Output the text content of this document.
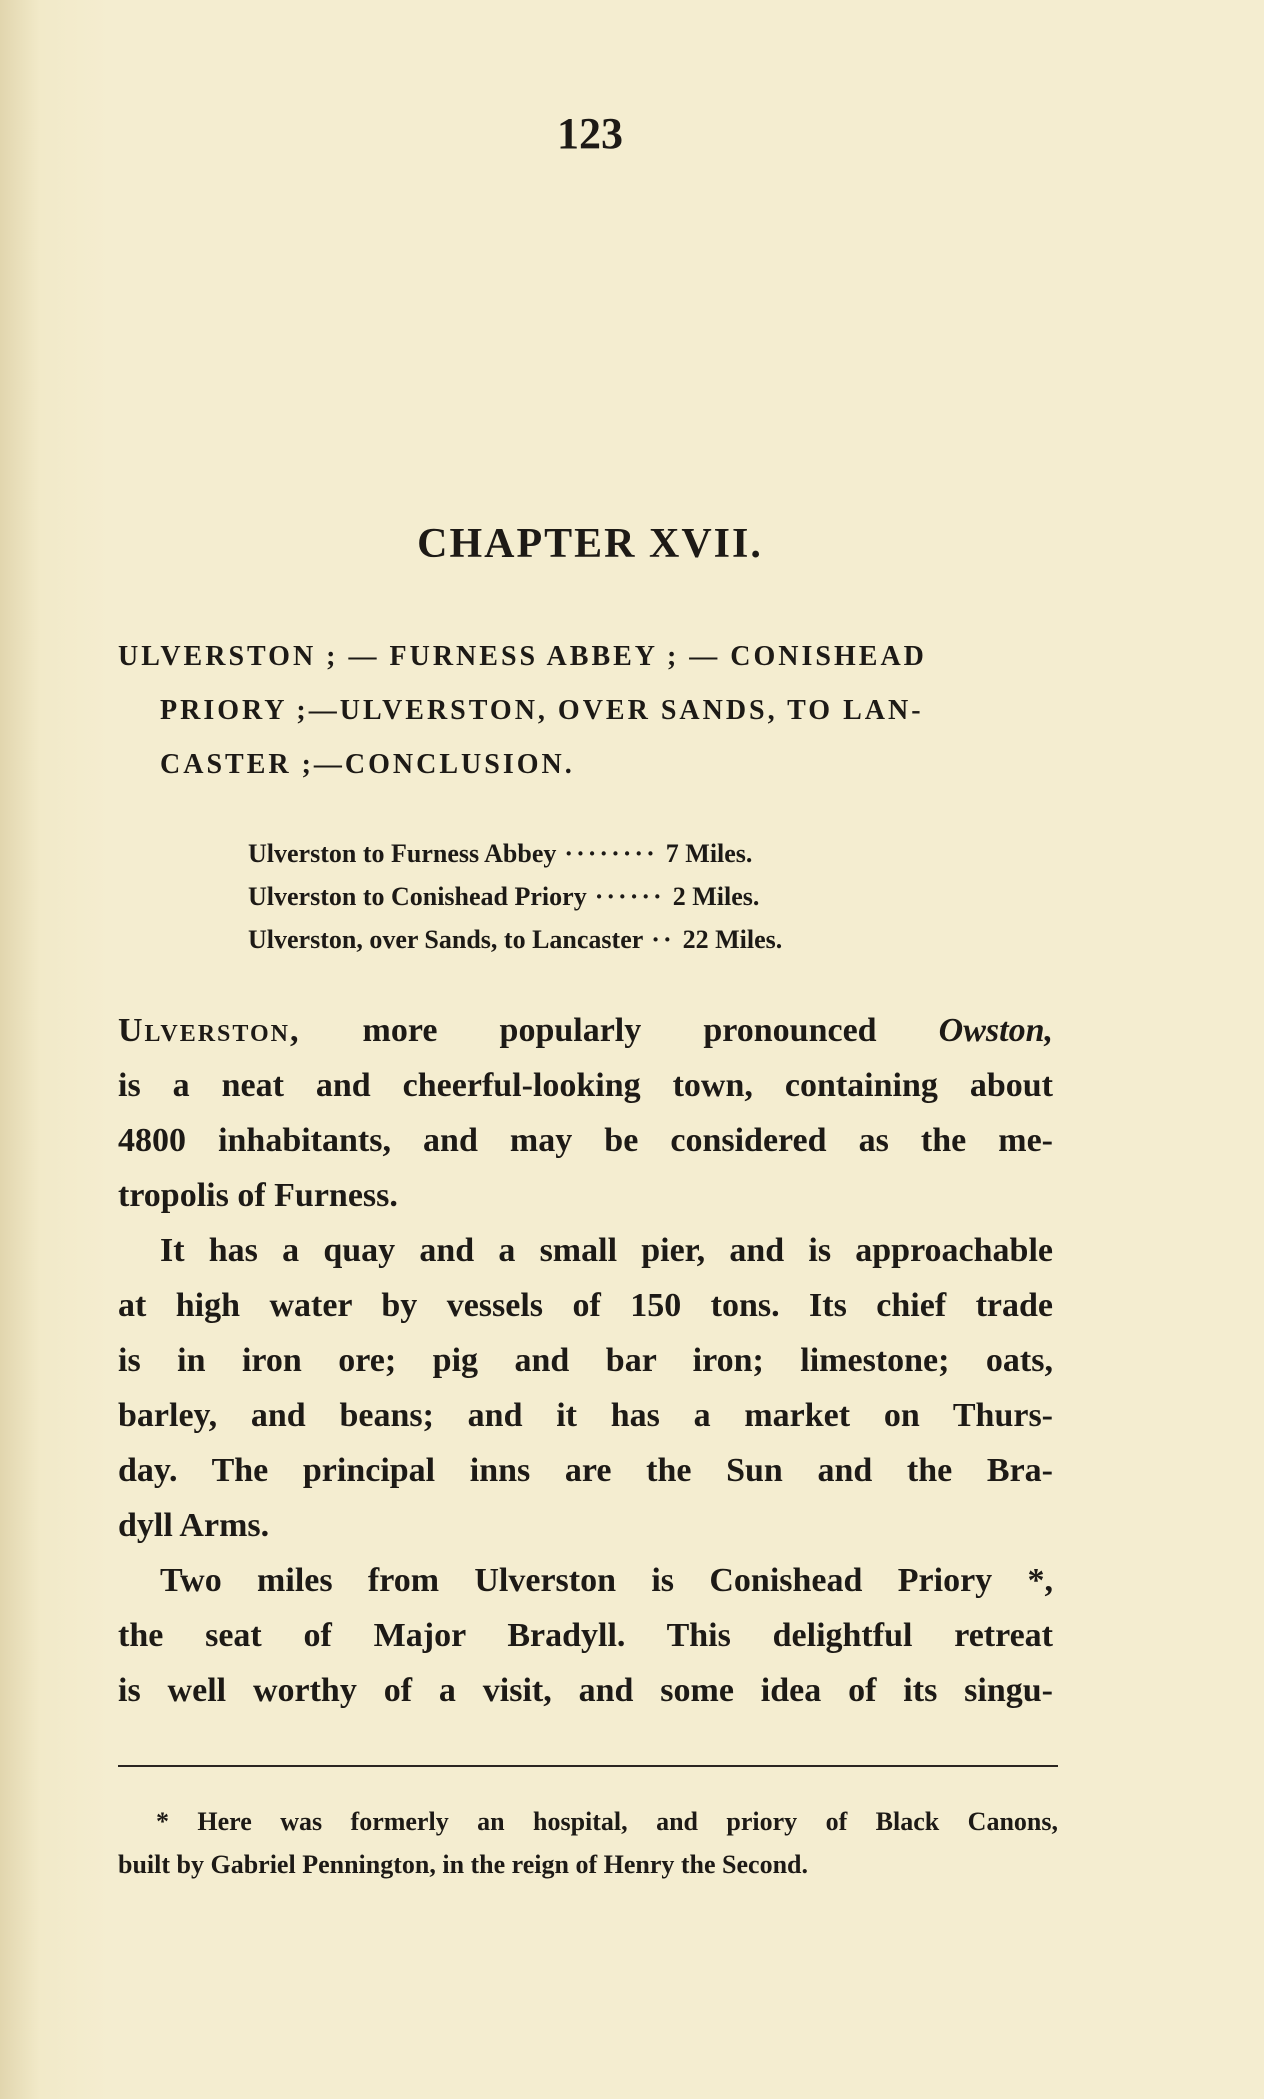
123
CHAPTER XVII.
ULVERSTON ; — FURNESS ABBEY ; — CONISHEAD
PRIORY ;—ULVERSTON, OVER SANDS, TO LAN-
CASTER ;—CONCLUSION.
Ulverston to Furness Abbey ········ 7 Miles.
Ulverston to Conishead Priory ······ 2 Miles.
Ulverston, over Sands, to Lancaster ·· 22 Miles.

Ulverston, more popularly pronounced Owston,
is a neat and cheerful-looking town, containing about
4800 inhabitants, and may be considered as the me-
tropolis of Furness.

It has a quay and a small pier, and is approachable
at high water by vessels of 150 tons. Its chief trade
is in iron ore; pig and bar iron; limestone; oats,
barley, and beans; and it has a market on Thurs-
day. The principal inns are the Sun and the Bra-
dyll Arms.

Two miles from Ulverston is Conishead Priory *,
the seat of Major Bradyll. This delightful retreat
is well worthy of a visit, and some idea of its singu-

* Here was formerly an hospital, and priory of Black Canons,
built by Gabriel Pennington, in the reign of Henry the Second.
